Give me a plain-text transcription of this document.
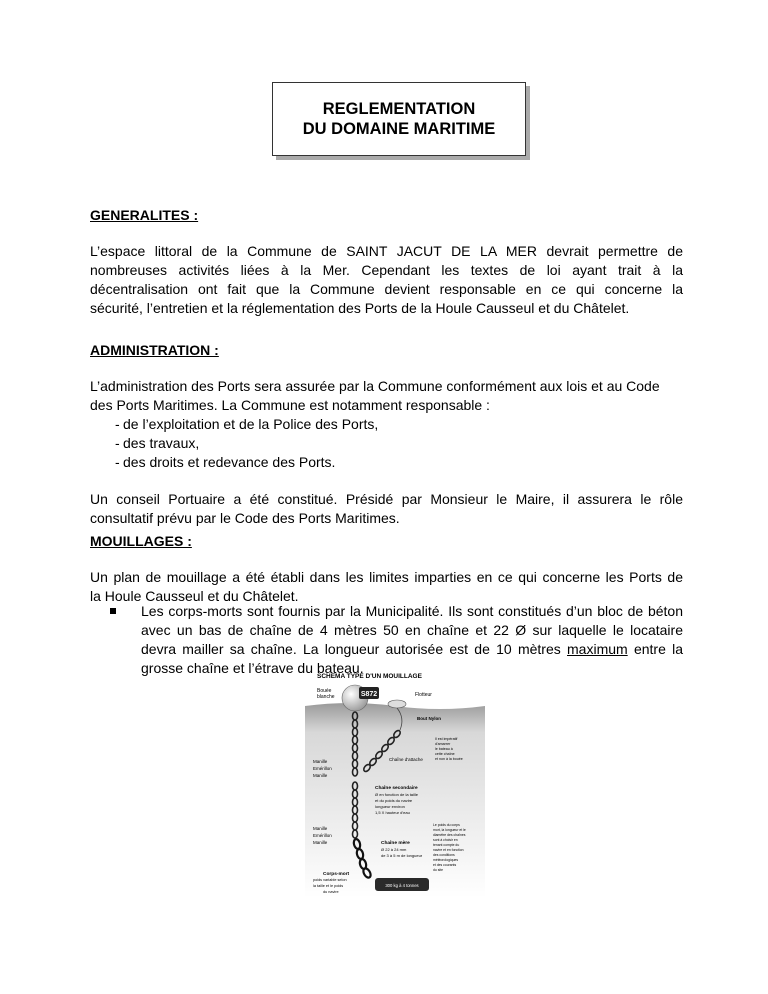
REGLEMENTATION
DU DOMAINE MARITIME
GENERALITES :
L’espace littoral de la Commune de SAINT JACUT DE LA MER devrait permettre de
nombreuses activités liées à la Mer. Cependant les textes de loi ayant trait à la
décentralisation ont fait que la Commune devient responsable en ce qui concerne la
sécurité, l’entretien et la réglementation des Ports de la Houle Causseul et du Châtelet.
ADMINISTRATION :
L’administration des Ports sera assurée par la Commune conformément aux lois et au Code
des Ports Maritimes. La Commune est notamment responsable :
- de l’exploitation et de la Police des Ports,
- des travaux,
- des droits et redevance des Ports.
Un conseil Portuaire a été constitué. Présidé par Monsieur le Maire, il assurera le rôle
consultatif prévu par le Code des Ports Maritimes.
MOUILLAGES :
Un plan de mouillage a été établi dans les limites imparties en ce qui concerne les Ports de
la Houle Causseul et du Châtelet.
Les corps-morts sont fournis par la Municipalité. Ils sont constitués d’un bloc de béton
avec un bas de chaîne de 4 mètres 50 en chaîne et 22 Ø sur laquelle le locataire
devra mailler sa chaîne. La longueur autorisée est de 10 mètres maximum entre la
grosse chaîne et l’étrave du bateau.
SCHEMA TYPE D'UN MOUILLAGE
S872
Bouée
blanche	Flotteur
Bout Nylon
Chaîne d'attache
Il est impératif
d'amarrer
le bateau à
cette chaîne
et non à la bouée
Manille
Emérillon
Manille
Chaîne secondaire
Ø en fonction de la taille
et du poids du navire
longueur environ
1,5 X hauteur d'eau
Manille
Emérillon
Manille	Chaîne mère
Ø 22 à 24 mm
de 3 à 5 m de longueur
Le poids du corps
mort, la longueur et le
diamètre des chaînes
sont à choisir en
tenant compte du
navire et en fonction
des conditions
météorologiques
et des courants
du site
Corps-mort
poids variable selon
la taille et le poids
du navire
300 kg à 4 tonnes
